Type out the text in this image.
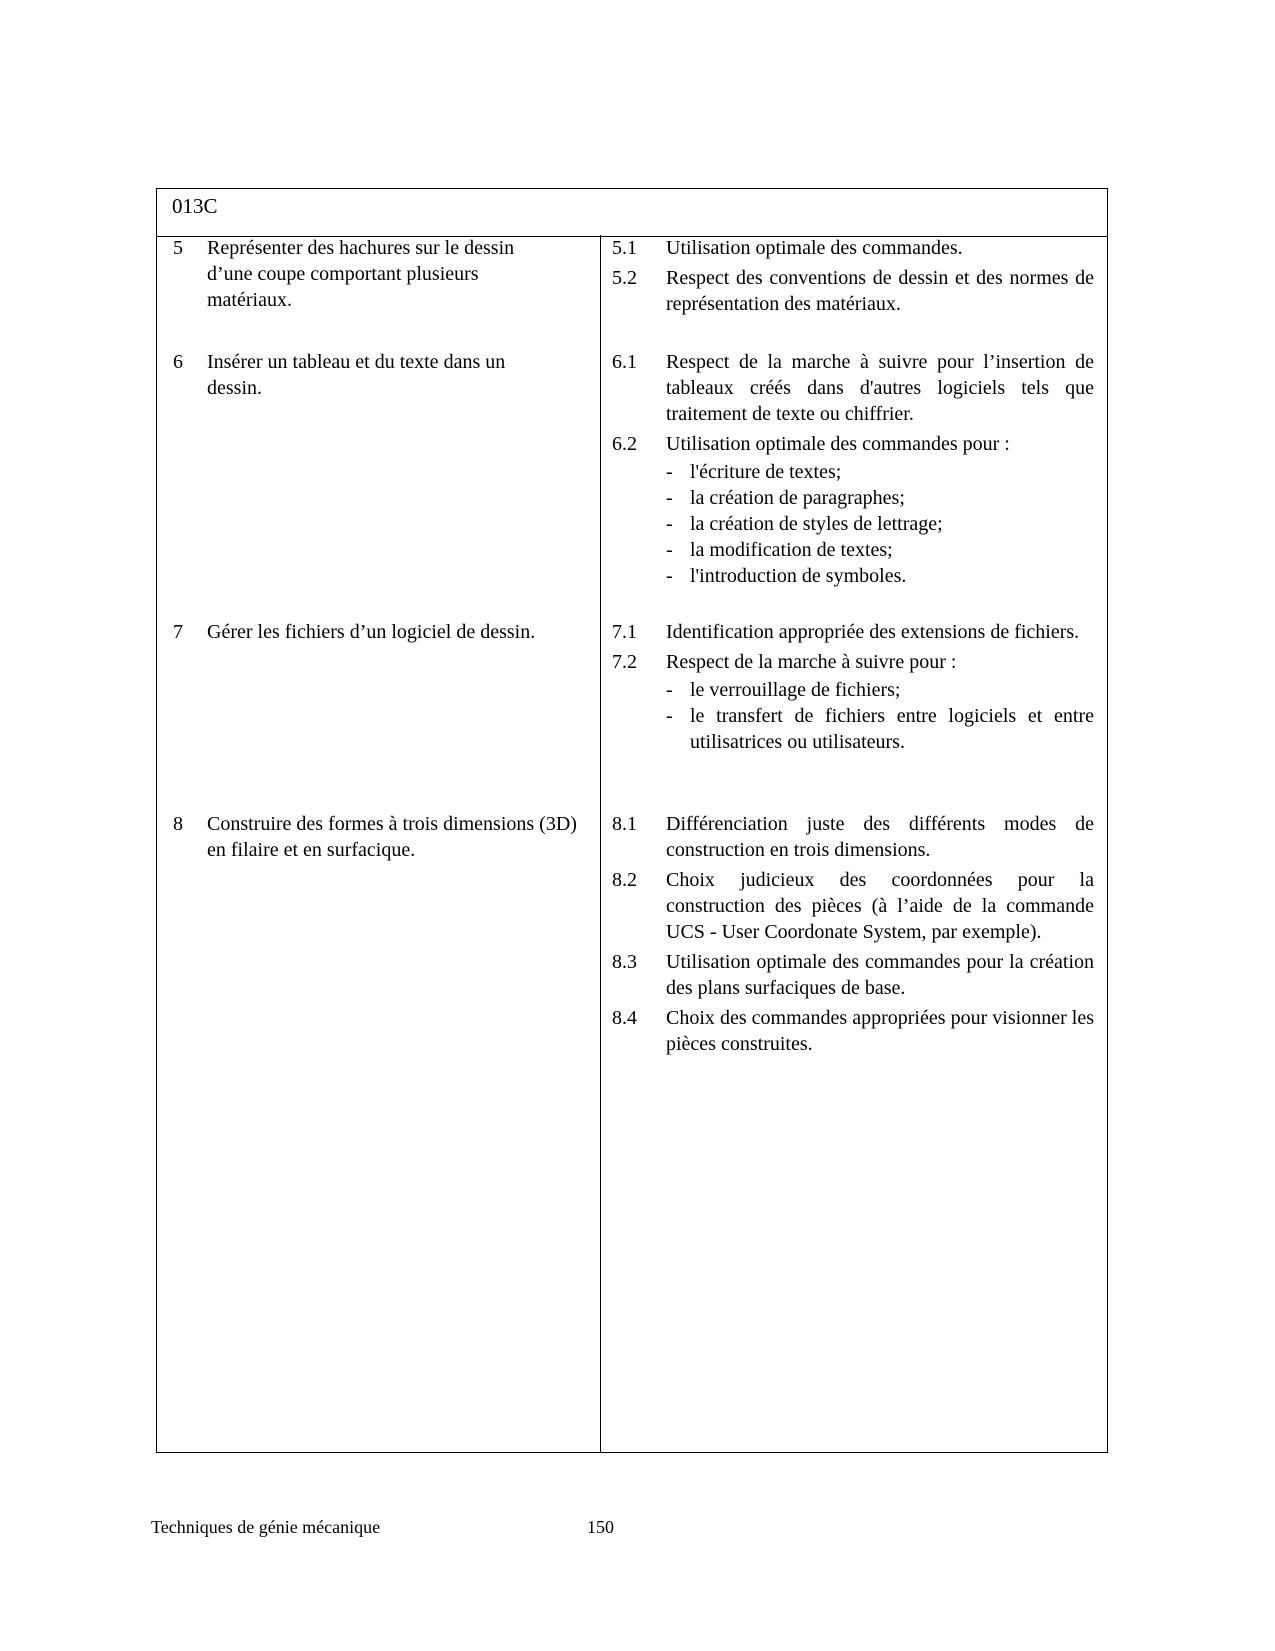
013C
5	Représenter des hachures sur le dessin d’une coupe comportant plusieurs matériaux.
5.1	Utilisation optimale des commandes.
5.2	Respect des conventions de dessin et des normes de représentation des matériaux.
6	Insérer un tableau et du texte dans un dessin.
6.1	Respect de la marche à suivre pour l’insertion de tableaux créés dans d'autres logiciels tels que traitement de texte ou chiffrier.
6.2	Utilisation optimale des commandes pour :
- l'écriture de textes;
- la création de paragraphes;
- la création de styles de lettrage;
- la modification de textes;
- l'introduction de symboles.
7	Gérer les fichiers d’un logiciel de dessin.	7.1	Identification appropriée des extensions de fichiers.
7.2	Respect de la marche à suivre pour :
- le verrouillage de fichiers;
- le transfert de fichiers entre logiciels et entre utilisatrices ou utilisateurs.
8	Construire des formes à trois dimensions (3D) en filaire et en surfacique.
8.1	Différenciation juste des différents modes de construction en trois dimensions.
8.2	Choix judicieux des coordonnées pour la construction des pièces (à l’aide de la commande UCS - User Coordonate System, par exemple).
8.3	Utilisation optimale des commandes pour la création des plans surfaciques de base.
8.4	Choix des commandes appropriées pour visionner les pièces construites.
Techniques de génie mécanique	150
